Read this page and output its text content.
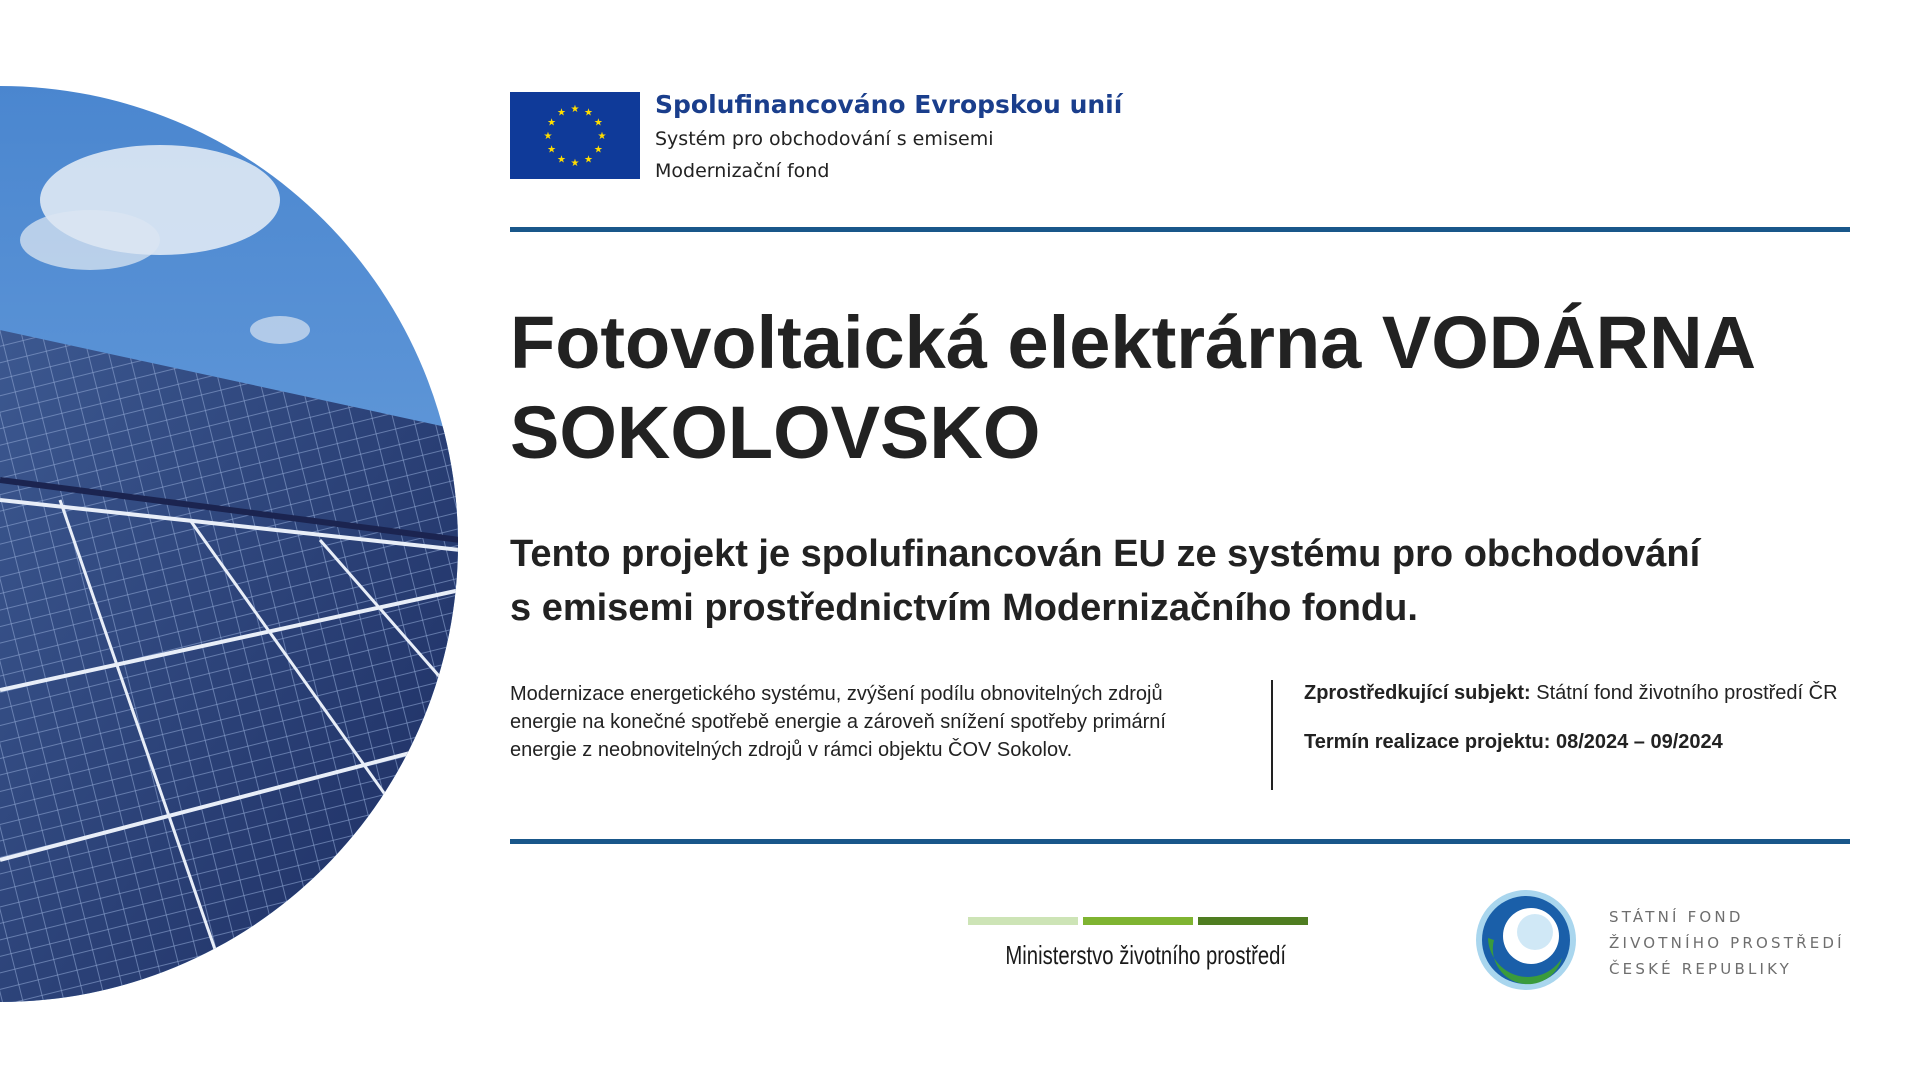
★ ★
★
★
★
★
★
★
★
★
★
★	Spolufinancováno Evropskou unií
Systém pro obchodování s emisemi
Modernizační fond
Fotovoltaická elektrárna VODÁRNA SOKOLOVSKO
Tento projekt je spolufinancován EU ze systému pro obchodování
s emisemi prostřednictvím Modernizačního fondu.

Modernizace energetického systému, zvýšení podílu obnovitelných zdrojů energie na konečné spotřebě energie a zároveň snížení spotřeby primární energie z neobnovitelných zdrojů v rámci objektu ČOV Sokolov.

Zprostředkující subjekt: Státní fond životního prostředí ČR
Termín realizace projektu: 08/2024 – 09/2024
Ministerstvo životního prostředí
STÁTNÍ FOND
ŽIVOTNÍHO PROSTŘEDÍ
ČESKÉ REPUBLIKY
